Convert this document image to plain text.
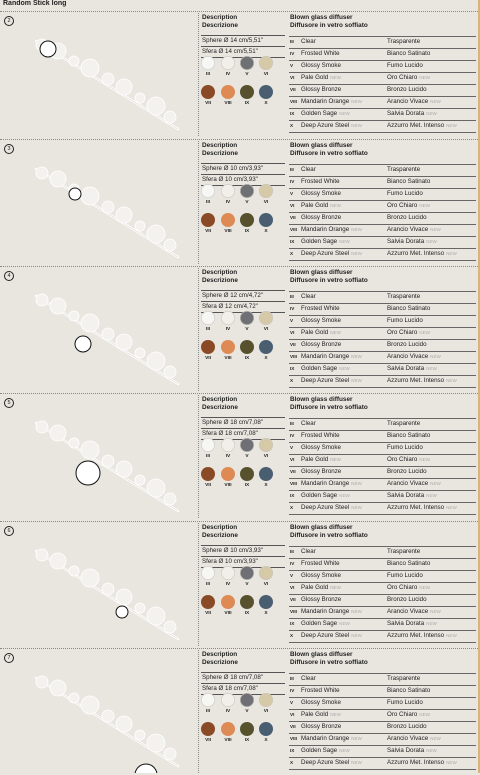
Random Stick long
2	Description
Descrizione
Blown glass diffuser
Diffusore in vetro soffiato
Sphere Ø 14 cm/5,51"
Sfera Ø 14 cm/5,51"
III	IV	V	VI
VII	VIII	IX	X
III Clear	Trasparente
IV Frosted White	Bianco Satinato
V Glossy Smoke	Fumo Lucido
VI Pale Gold NEW	Oro Chiaro NEW
VII Glossy Bronze	Bronzo Lucido
VIII Mandarin Orange NEW	Arancio Vivace NEW
IX Golden Sage NEW	Salvia Dorata NEW
X Deep Azure Steel NEW	Azzurro Met. Intenso NEW
3	Description
Descrizione
Blown glass diffuser
Diffusore in vetro soffiato
Sphere Ø 10 cm/3,93"
Sfera Ø 10 cm/3,93"
III	IV	V	VI
VII	VIII	IX	X
III Clear	Trasparente
IV Frosted White	Bianco Satinato
V Glossy Smoke	Fumo Lucido
VI Pale Gold NEW	Oro Chiaro NEW
VII Glossy Bronze	Bronzo Lucido
VIII Mandarin Orange NEW	Arancio Vivace NEW
IX Golden Sage NEW	Salvia Dorata NEW
X Deep Azure Steel NEW	Azzurro Met. Intenso NEW
4	Description
Descrizione
Blown glass diffuser
Diffusore in vetro soffiato
Sphere Ø 12 cm/4,72"
Sfera Ø 12 cm/4,72"
III	IV	V	VI
VII	VIII	IX	X
III Clear	Trasparente
IV Frosted White	Bianco Satinato
V Glossy Smoke	Fumo Lucido
VI Pale Gold NEW	Oro Chiaro NEW
VII Glossy Bronze	Bronzo Lucido
VIII Mandarin Orange NEW	Arancio Vivace NEW
IX Golden Sage NEW	Salvia Dorata NEW
X Deep Azure Steel NEW	Azzurro Met. Intenso NEW
5	Description
Descrizione
Blown glass diffuser
Diffusore in vetro soffiato
Sphere Ø 18 cm/7,08"
Sfera Ø 18 cm/7,08"
III	IV	V	VI
VII	VIII	IX	X
III Clear	Trasparente
IV Frosted White	Bianco Satinato
V Glossy Smoke	Fumo Lucido
VI Pale Gold NEW	Oro Chiaro NEW
VII Glossy Bronze	Bronzo Lucido
VIII Mandarin Orange NEW	Arancio Vivace NEW
IX Golden Sage NEW	Salvia Dorata NEW
X Deep Azure Steel NEW	Azzurro Met. Intenso NEW
6	Description
Descrizione
Blown glass diffuser
Diffusore in vetro soffiato
Sphere Ø 10 cm/3,93"
Sfera Ø 10 cm/3,93"
III	IV	V	VI
VII	VIII	IX	X
III Clear	Trasparente
IV Frosted White	Bianco Satinato
V Glossy Smoke	Fumo Lucido
VI Pale Gold NEW	Oro Chiaro NEW
VII Glossy Bronze	Bronzo Lucido
VIII Mandarin Orange NEW	Arancio Vivace NEW
IX Golden Sage NEW	Salvia Dorata NEW
X Deep Azure Steel NEW	Azzurro Met. Intenso NEW
7	Description
Descrizione
Blown glass diffuser
Diffusore in vetro soffiato
Sphere Ø 18 cm/7,08"
Sfera Ø 18 cm/7,08"
III	IV	V	VI
VII	VIII	IX	X
III Clear	Trasparente
IV Frosted White	Bianco Satinato
V Glossy Smoke	Fumo Lucido
VI Pale Gold NEW	Oro Chiaro NEW
VII Glossy Bronze	Bronzo Lucido
VIII Mandarin Orange NEW	Arancio Vivace NEW
IX Golden Sage NEW	Salvia Dorata NEW
X Deep Azure Steel NEW	Azzurro Met. Intenso NEW
